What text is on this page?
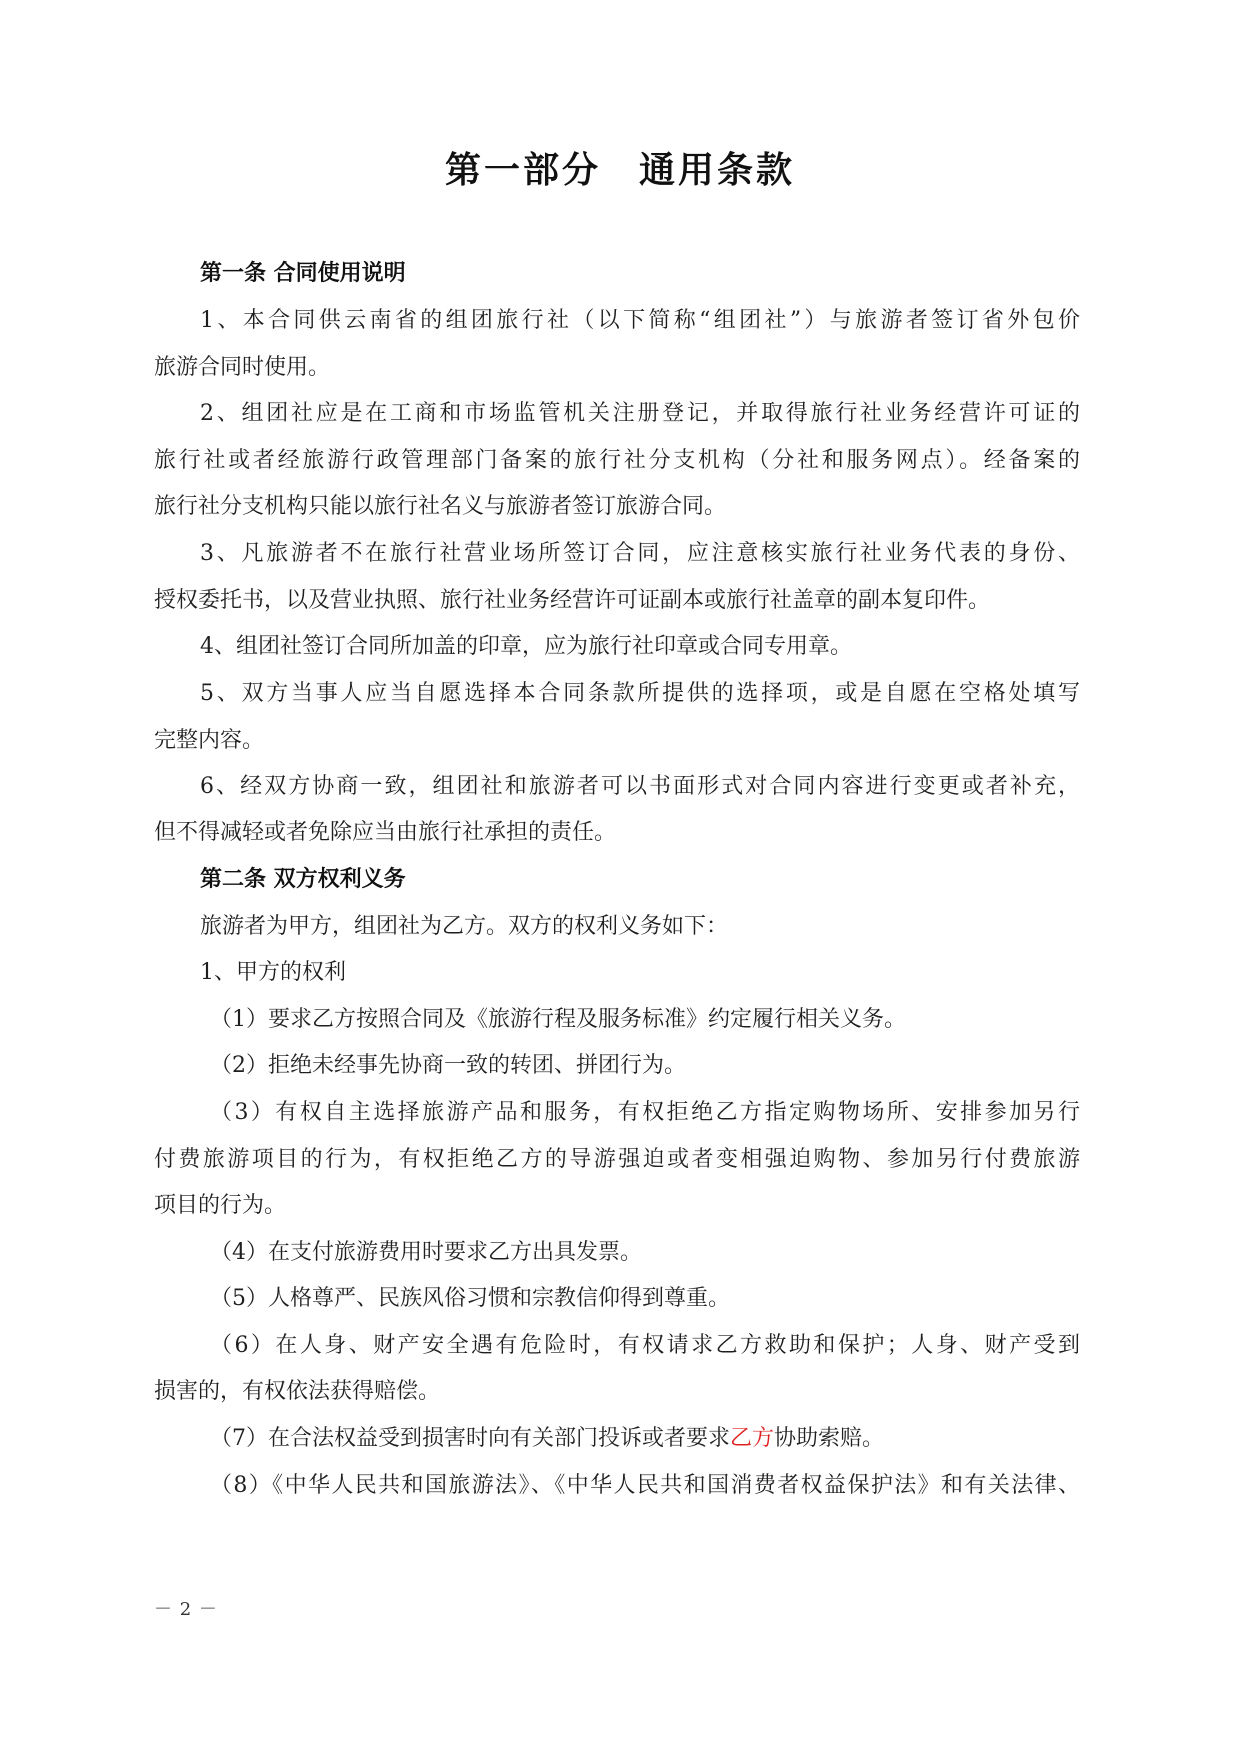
第一部分 通用条款
第一条 合同使用说明
1、本合同供云南省的组团旅行社（以下简称“组团社”）与旅游者签订省外包价
旅游合同时使用。
2、组团社应是在工商和市场监管机关注册登记，并取得旅行社业务经营许可证的
旅行社或者经旅游行政管理部门备案的旅行社分支机构（分社和服务网点）。经备案的
旅行社分支机构只能以旅行社名义与旅游者签订旅游合同。
3、凡旅游者不在旅行社营业场所签订合同，应注意核实旅行社业务代表的身份、
授权委托书，以及营业执照、旅行社业务经营许可证副本或旅行社盖章的副本复印件。
4、组团社签订合同所加盖的印章，应为旅行社印章或合同专用章。
5、双方当事人应当自愿选择本合同条款所提供的选择项，或是自愿在空格处填写
完整内容。
6、经双方协商一致，组团社和旅游者可以书面形式对合同内容进行变更或者补充，
但不得减轻或者免除应当由旅行社承担的责任。
第二条 双方权利义务
旅游者为甲方，组团社为乙方。双方的权利义务如下：
1、甲方的权利
（1）要求乙方按照合同及《旅游行程及服务标准》约定履行相关义务。
（2）拒绝未经事先协商一致的转团、拼团行为。
（3）有权自主选择旅游产品和服务，有权拒绝乙方指定购物场所、安排参加另行
付费旅游项目的行为，有权拒绝乙方的导游强迫或者变相强迫购物、参加另行付费旅游
项目的行为。
（4）在支付旅游费用时要求乙方出具发票。
（5）人格尊严、民族风俗习惯和宗教信仰得到尊重。
（6）在人身、财产安全遇有危险时，有权请求乙方救助和保护；人身、财产受到
损害的，有权依法获得赔偿。
（7）在合法权益受到损害时向有关部门投诉或者要求乙方协助索赔。
（8）《中华人民共和国旅游法》、《中华人民共和国消费者权益保护法》和有关法律、
－ 2 －
